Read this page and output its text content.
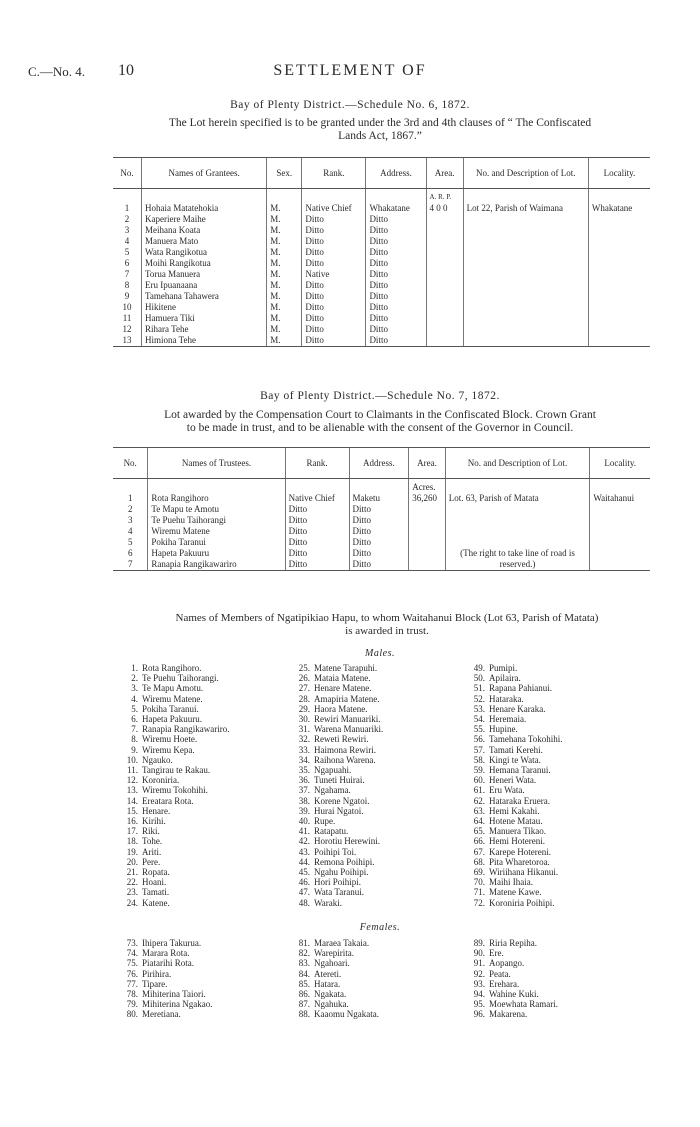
C.—No. 4. 10	SETTLEMENT OF
Bay of Plenty District.—Schedule No. 6, 1872.
The Lot herein specified is to be granted under the 3rd and 4th clauses of “ The Confiscated
Lands Act, 1867.”
No.	Names of Grantees.	Sex.	Rank.	Address.	Area.	No. and Description of Lot.	Locality.
					A. R. P.		
1	Hohaia Matatehokia	M.	Native Chief	Whakatane	4 0 0	Lot 22, Parish of Waimana	Whakatane
2	Kaperiere Maihe	M.	Ditto	Ditto			
3	Meihana Koata	M.	Ditto	Ditto			
4	Manuera Mato	M.	Ditto	Ditto			
5	Wata Rangikotua	M.	Ditto	Ditto			
6	Moihi Rangikotua	M.	Ditto	Ditto			
7	Torua Manuera	M.	Native	Ditto			
8	Eru Ipuanaana	M.	Ditto	Ditto			
9	Tamehana Tahawera	M.	Ditto	Ditto			
10	Hikitene	M.	Ditto	Ditto			
11	Hamuera Tiki	M.	Ditto	Ditto			
12	Rihara Tehe	M.	Ditto	Ditto			
13	Himiona Tehe	M.	Ditto	Ditto			
Bay of Plenty District.—Schedule No. 7, 1872.
Lot awarded by the Compensation Court to Claimants in the Confiscated Block. Crown Grant
to be made in trust, and to be alienable with the consent of the Governor in Council.
No.	Names of Trustees.	Rank.	Address.	Area.	No. and Description of Lot.	Locality.
				Acres.		
1	Rota Rangihoro	Native Chief	Maketu	36,260	Lot. 63, Parish of Matata	Waitahanui
2	Te Mapu te Amotu	Ditto	Ditto			
3	Te Puehu Taihorangi	Ditto	Ditto			
4	Wiremu Matene	Ditto	Ditto			
5	Pokiha Taranui	Ditto	Ditto			
6	Hapeta Pakuuru	Ditto	Ditto		(The right to take line of road is	
7	Ranapia Rangikawariro	Ditto	Ditto		reserved.)	
Names of Members of Ngatipikiao Hapu, to whom Waitahanui Block (Lot 63, Parish of Matata)
is awarded in trust.
Males.
1. Rota Rangihoro.
2. Te Puehu Taihorangi.
3. Te Mapu Amotu.
4. Wiremu Matene.
5. Pokiha Taranui.
6. Hapeta Pakuuru.
7. Ranapia Rangikawariro.
8. Wiremu Hoete.
9. Wiremu Kepa.
10. Ngauko.
11. Tangirau te Rakau.
12. Koroniria.
13. Wiremu Tokohihi.
14. Ereatara Rota.
15. Henare.
16. Kirihi.
17. Riki.
18. Tohe.
19. Ariti.
20. Pere.
21. Ropata.
22. Hoani.
23. Tamati.
24. Katene.
25. Matene Tarapuhi.
26. Mataia Matene.
27. Henare Matene.
28. Amapiria Matene.
29. Haora Matene.
30. Rewiri Manuariki.
31. Warena Manuariki.
32. Reweti Rewiri.
33. Haimona Rewiri.
34. Raihona Warena.
35. Ngapuahi.
36. Tuneti Huirai.
37. Ngahama.
38. Korene Ngatoi.
39. Hurai Ngatoi.
40. Rupe.
41. Ratapatu.
42. Horotiu Herewini.
43. Poihipi Toi.
44. Remona Poihipi.
45. Ngahu Poihipi.
46. Hori Poihipi.
47. Wata Taranui.
48. Waraki.
49. Pumipi.
50. Apilaira.
51. Rapana Pahianui.
52. Hataraka.
53. Henare Karaka.
54. Heremaia.
55. Hupine.
56. Tamehana Tokohihi.
57. Tamati Kerehi.
58. Kingi te Wata.
59. Hemana Taranui.
60. Heneri Wata.
61. Eru Wata.
62. Hataraka Eruera.
63. Hemi Kakahi.
64. Hotene Matau.
65. Manuera Tikao.
66. Hemi Hotereni.
67. Karepe Hotereni.
68. Pita Wharetoroa.
69. Wiriihana Hikanui.
70. Maihi Ihaia.
71. Matene Kawe.
72. Koroniria Poihipi.
Females.
73. Ihipera Takurua.
74. Marara Rota.
75. Piatarihi Rota.
76. Pirihira.
77. Tipare.
78. Mihiterina Taiori.
79. Mihiterina Ngakao.
80. Meretiana.
81. Maraea Takaia.
82. Warepirita.
83. Ngahoari.
84. Atereti.
85. Hatara.
86. Ngakata.
87. Ngahuka.
88. Kaaomu Ngakata.
89. Riria Repiha.
90. Ere.
91. Aopango.
92. Peata.
93. Erehara.
94. Wahine Kuki.
95. Moewhata Ramari.
96. Makarena.
